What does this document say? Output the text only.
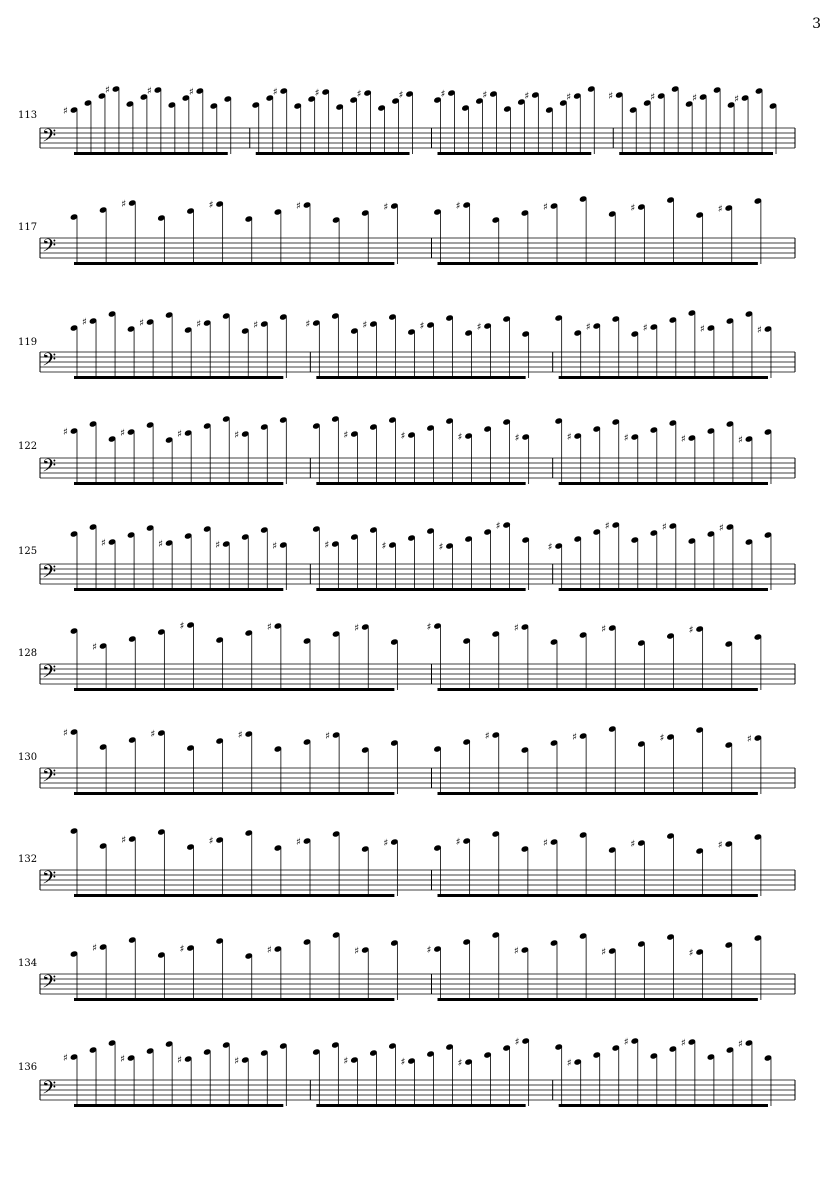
3
113
𝄢
♯
♯	♯	♯	♯	♯	♯	♯	♯	♯	♯	♯	♯	♯	♯	♯
117
𝄢
♯	♯	♯	♯	♯	♯	♯	♯
119
𝄢
♯	♯	♯	♯	♯	♯	♯	♯	♯	♯	♯	♯
122
𝄢
♯	♯	♯	♯	♯	♯	♯	♯	♯	♯	♯	♯
125
𝄢
♯	♯	♯	♯	♯	♯	♯
♯
♯
♯	♯	♯
128
𝄢
♯
♯	♯	♯	♯	♯	♯	♯
130
𝄢
♯	♯	♯	♯	♯	♯	♯	♯
132
𝄢
♯	♯	♯	♯	♯	♯	♯	♯
134
𝄢
♯	♯	♯	♯	♯	♯	♯	♯
136
𝄢
♯	♯	♯	♯	♯	♯	♯
♯
♯
♯	♯	♯
